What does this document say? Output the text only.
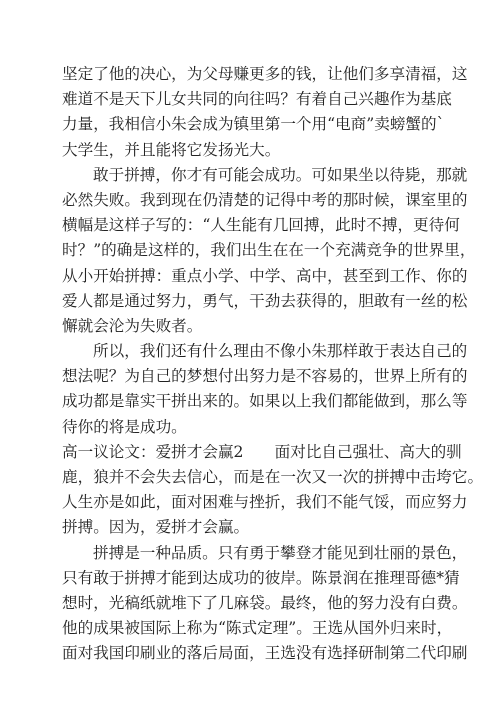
坚定了他的决心，为父母赚更多的钱，让他们多享清福，这
难道不是天下儿女共同的向往吗？有着自己兴趣作为基底
力量，我相信小朱会成为镇里第一个用“电商”卖螃蟹的`
大学生，并且能将它发扬光大。
敢于拼搏，你才有可能会成功。可如果坐以待毙，那就
必然失败。我到现在仍清楚的记得中考的那时候，课室里的
横幅是这样子写的：“人生能有几回搏，此时不搏，更待何
时？”的确是这样的，我们出生在在一个充满竞争的世界里，
从小开始拼搏：重点小学、中学、高中，甚至到工作、你的
爱人都是通过努力，勇气，干劲去获得的，胆敢有一丝的松
懈就会沦为失败者。
所以，我们还有什么理由不像小朱那样敢于表达自己的
想法呢？为自己的梦想付出努力是不容易的，世界上所有的
成功都是靠实干拼出来的。如果以上我们都能做到，那么等
待你的将是成功。
高一议论文：爱拼才会赢2　　面对比自己强壮、高大的驯
鹿，狼并不会失去信心，而是在一次又一次的拼搏中击垮它。
人生亦是如此，面对困难与挫折，我们不能气馁，而应努力
拼搏。因为，爱拼才会赢。
拼搏是一种品质。只有勇于攀登才能见到壮丽的景色，
只有敢于拼搏才能到达成功的彼岸。陈景润在推理哥德*猜
想时，光稿纸就堆下了几麻袋。最终，他的努力没有白费。
他的成果被国际上称为“陈式定理”。王选从国外归来时，
面对我国印刷业的落后局面，王选没有选择研制第二代印刷
